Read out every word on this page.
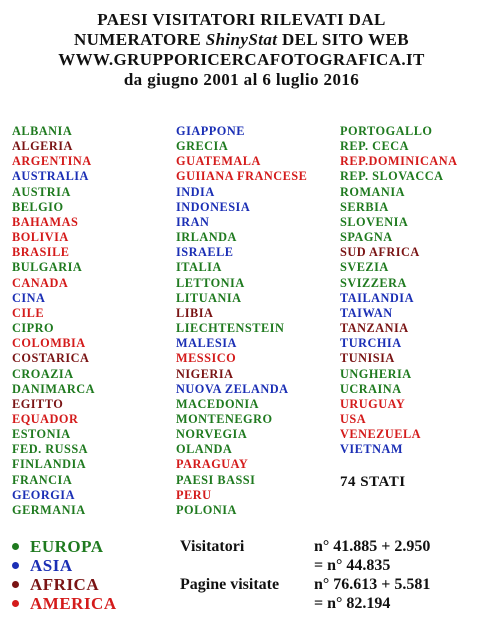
PAESI VISITATORI RILEVATI DAL
NUMERATORE ShinyStat DEL SITO WEB
WWW.GRUPPORICERCAFOTOGRAFICA.IT
da giugno 2001 al 6 luglio 2016
ALBANIA
ALGERIA
ARGENTINA
AUSTRALIA
AUSTRIA
BELGIO
BAHAMAS
BOLIVIA
BRASILE
BULGARIA
CANADA
CINA
CILE
CIPRO
COLOMBIA
COSTARICA
CROAZIA
DANIMARCA
EGITTO
EQUADOR
ESTONIA
FED. RUSSA
FINLANDIA
FRANCIA
GEORGIA
GERMANIA
GIAPPONE
GRECIA
GUATEMALA
GUIIANA FRANCESE
INDIA
INDONESIA
IRAN
IRLANDA
ISRAELE
ITALIA
LETTONIA
LITUANIA
LIBIA
LIECHTENSTEIN
MALESIA
MESSICO
NIGERIA
NUOVA ZELANDA
MACEDONIA
MONTENEGRO
NORVEGIA
OLANDA
PARAGUAY
PAESI BASSI
PERU
POLONIA
PORTOGALLO
REP. CECA
REP.DOMINICANA
REP. SLOVACCA
ROMANIA
SERBIA
SLOVENIA
SPAGNA
SUD AFRICA
SVEZIA
SVIZZERA
TAILANDIA
TAIWAN
TANZANIA
TURCHIA
TUNISIA
UNGHERIA
UCRAINA
URUGUAY
USA
VENEZUELA
VIETNAM
74 STATI
EUROPA
ASIA
AFRICA
AMERICA
Visitatori	n° 41.885 + 2.950
= n° 44.835
Pagine visitate n° 76.613 + 5.581
= n° 82.194
